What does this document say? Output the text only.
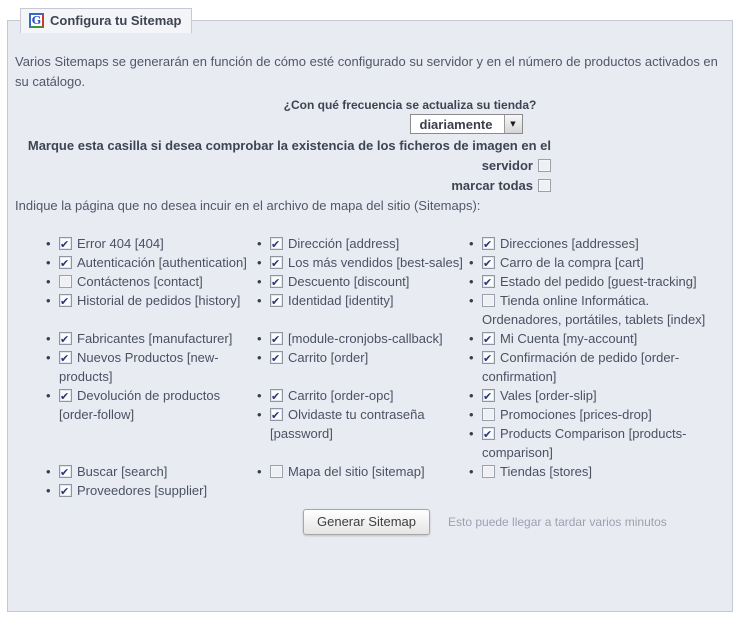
G Configura tu Sitemap

Varios Sitemaps se generarán en función de cómo esté configurado su servidor y en el número de productos activados en su catálogo.

¿Con qué frecuencia se actualiza su tienda?
diariamente	▼
Marque esta casilla si desea comprobar la existencia de los ficheros de imagen en el
servidor
marcar todas
Indique la página que no desea incuir en el archivo de mapa del sitio (Sitemaps):
✔• Error 404 [404]

✔•Dirección [address]

✔•Direcciones [addresses]

✔• Autenticación [authentication]

✔•Los más vendidos [best-sales]

✔•Carro de la compra [cart]

• Contáctenos [contact]

✔•Descuento [discount]

✔•Estado del pedido [guest-tracking]

✔• Historial de pedidos [history]

✔•Identidad [identity]

•Tienda online Informática. Ordenadores, portátiles, tablets [index]

✔• Fabricantes [manufacturer]

✔•[module-cronjobs-callback]

✔•Mi Cuenta [my-account]

✔• Nuevos Productos [new-products]

✔• Carrito [order]

✔•Confirmación de pedido [order-confirmation]

✔• Devolución de productos [order-follow]

✔• Carrito [order-opc]
✔• Olvidaste tu contraseña [password]

✔• Vales [order-slip]
• Promociones [prices-drop]
✔• Products Comparison [products-comparison]

✔• Buscar [search]
✔• Proveedores [supplier]

• Mapa del sitio [sitemap]

•Tiendas [stores]
Generar Sitemap	Esto puede llegar a tardar varios minutos
